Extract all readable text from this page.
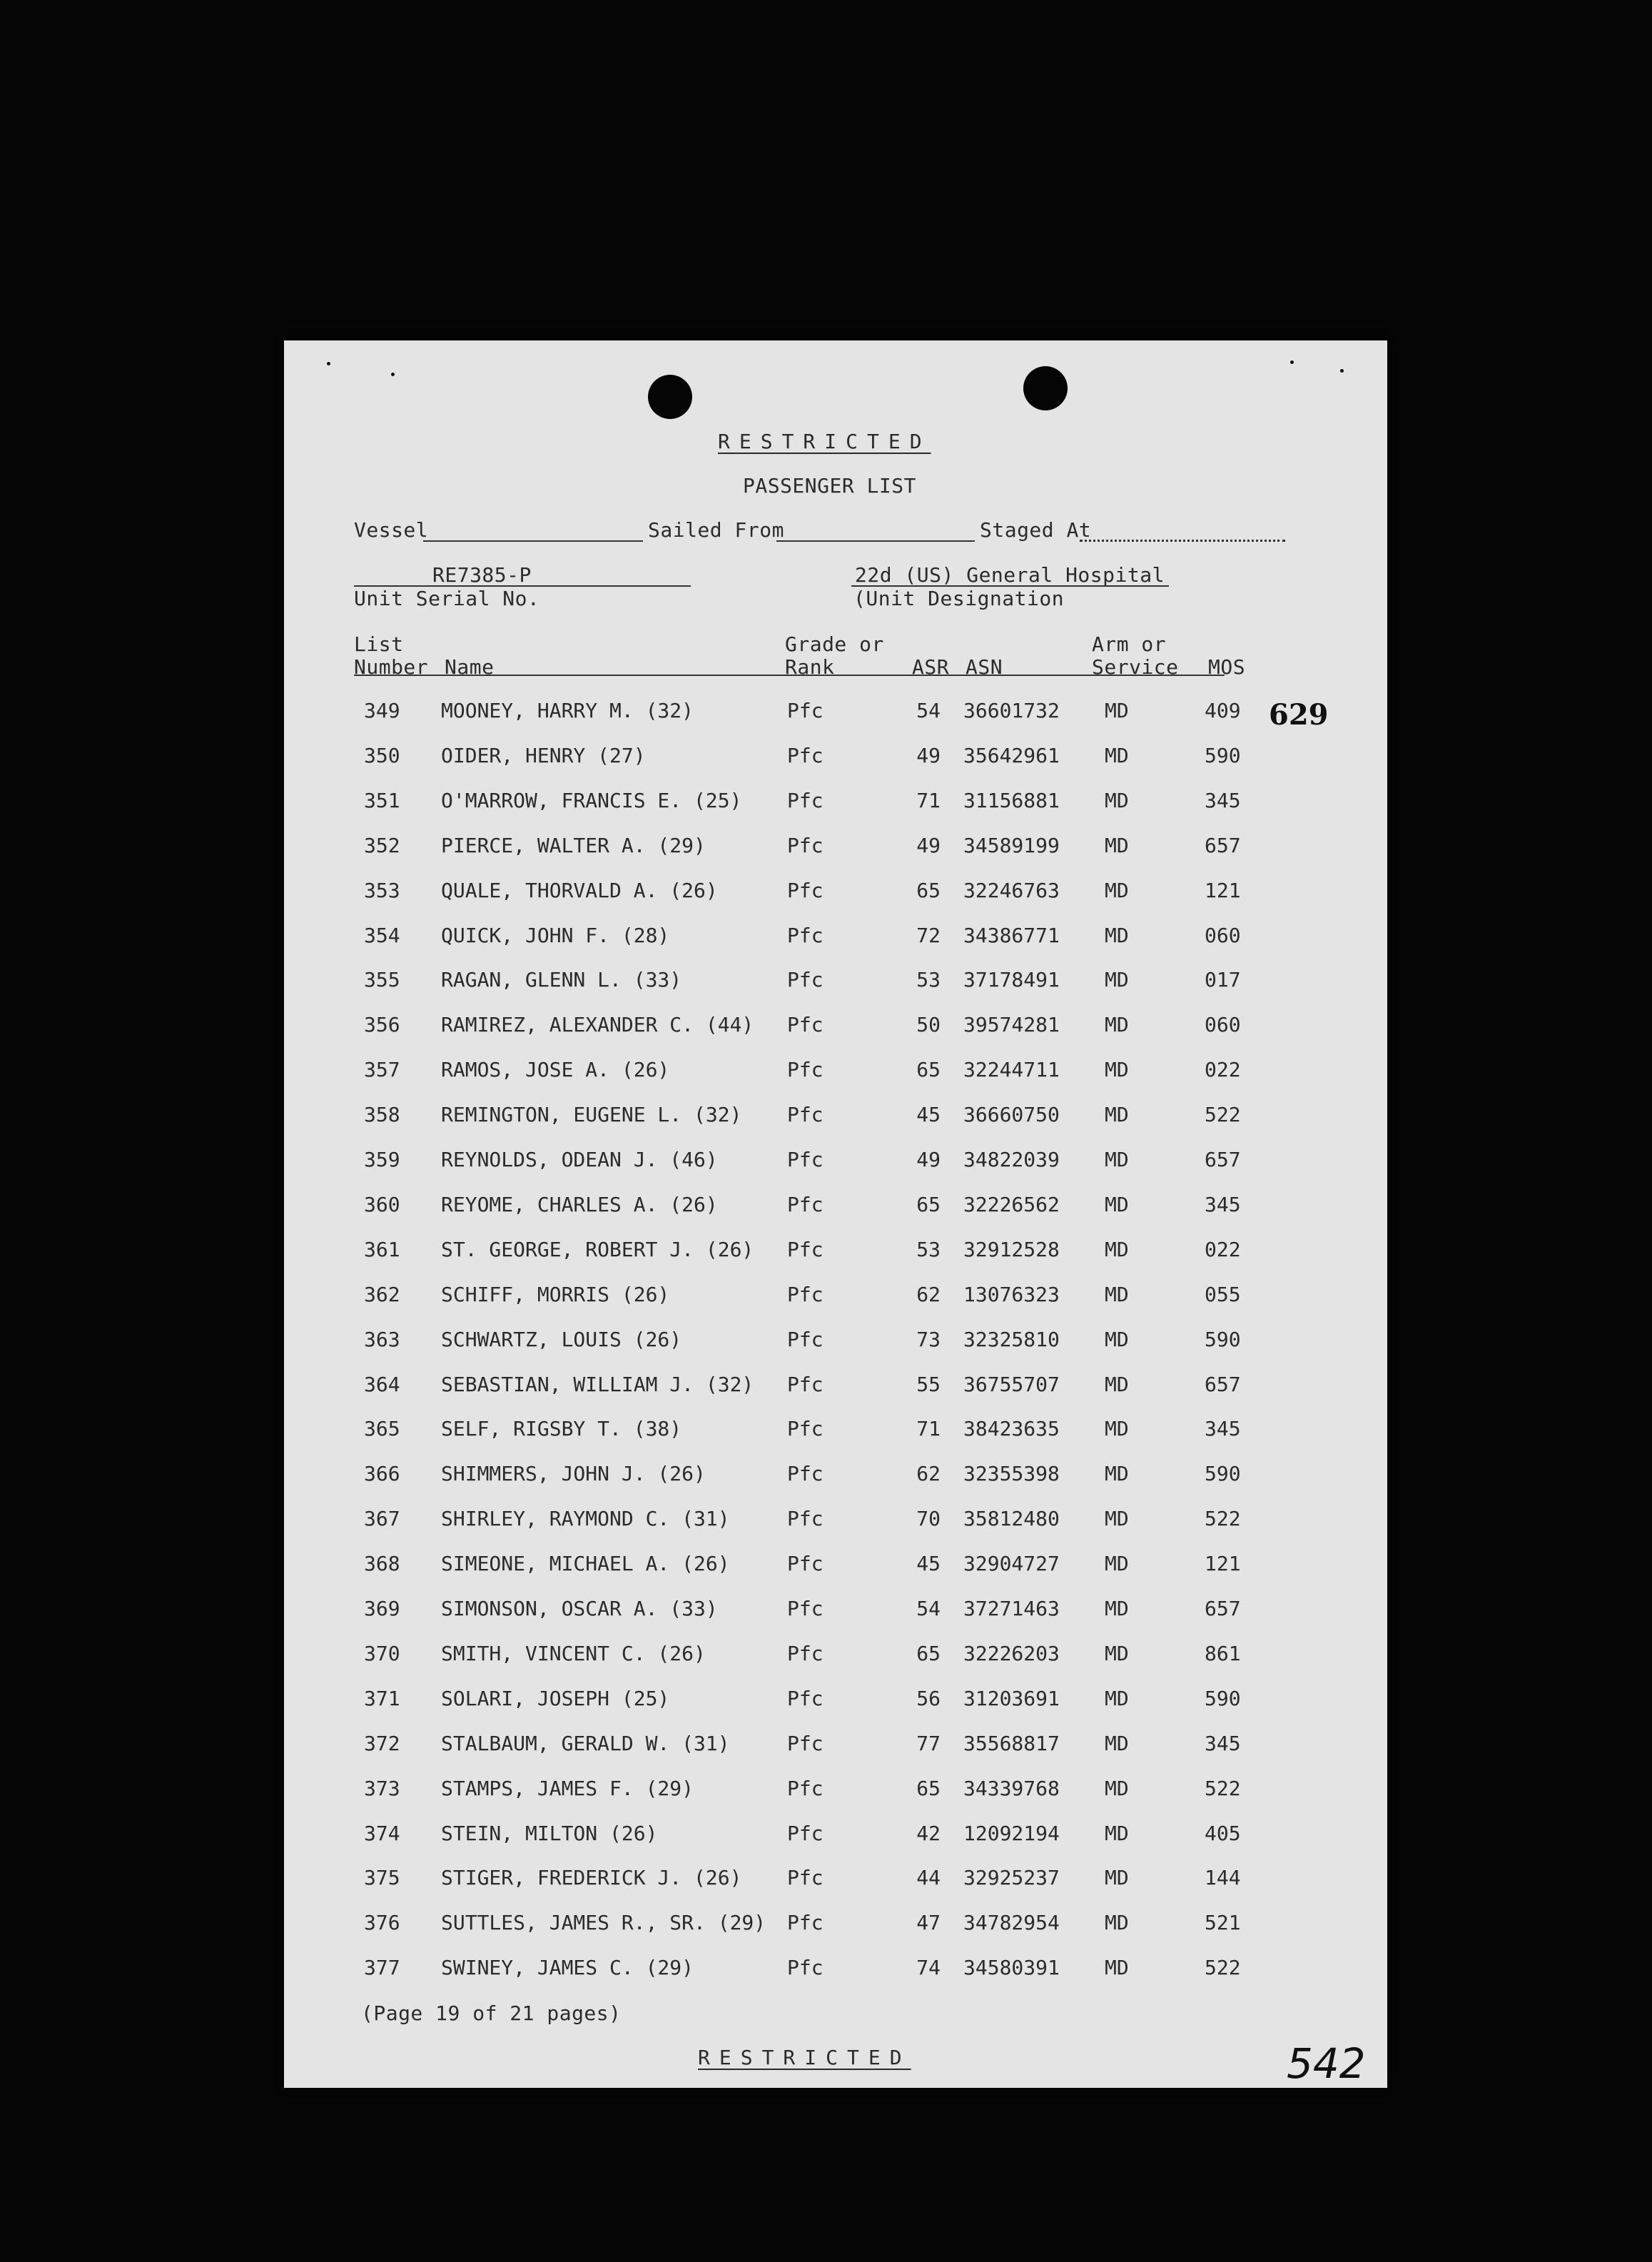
RESTRICTED
PASSENGER LIST
Vessel	Sailed From	Staged At
RE7385-P
Unit Serial No.
22d (US) General Hospital
(Unit Designation
List
Number Name
Grade or
Rank	ASR ASN
Arm or
Service MOS
349 MOONEY, HARRY M. (32)	Pfc	54 36601732 MD	409
350 OIDER, HENRY (27)	Pfc	49 35642961 MD	590
351 O'MARROW, FRANCIS E. (25) Pfc	71 31156881 MD	345
352 PIERCE, WALTER A. (29)	Pfc	49 34589199 MD	657
353 QUALE, THORVALD A. (26)	Pfc	65 32246763 MD	121
354 QUICK, JOHN F. (28)	Pfc	72 34386771 MD	060
355 RAGAN, GLENN L. (33)	Pfc	53 37178491 MD	017
356 RAMIREZ, ALEXANDER C. (44) Pfc	50 39574281 MD	060
357 RAMOS, JOSE A. (26)	Pfc	65 32244711 MD	022
358 REMINGTON, EUGENE L. (32) Pfc	45 36660750 MD	522
359 REYNOLDS, ODEAN J. (46)	Pfc	49 34822039 MD	657
360 REYOME, CHARLES A. (26)	Pfc	65 32226562 MD	345
361 ST. GEORGE, ROBERT J. (26) Pfc	53 32912528 MD	022
362 SCHIFF, MORRIS (26)	Pfc	62 13076323 MD	055
363 SCHWARTZ, LOUIS (26)	Pfc	73 32325810 MD	590
364 SEBASTIAN, WILLIAM J. (32) Pfc	55 36755707 MD	657
365 SELF, RIGSBY T. (38)	Pfc	71 38423635 MD	345
366 SHIMMERS, JOHN J. (26)	Pfc	62 32355398 MD	590
367 SHIRLEY, RAYMOND C. (31)	Pfc	70 35812480 MD	522
368 SIMEONE, MICHAEL A. (26)	Pfc	45 32904727 MD	121
369 SIMONSON, OSCAR A. (33)	Pfc	54 37271463 MD	657
370 SMITH, VINCENT C. (26)	Pfc	65 32226203 MD	861
371 SOLARI, JOSEPH (25)	Pfc	56 31203691 MD	590
372 STALBAUM, GERALD W. (31)	Pfc	77 35568817 MD	345
373 STAMPS, JAMES F. (29)	Pfc	65 34339768 MD	522
374 STEIN, MILTON (26)	Pfc	42 12092194 MD	405
375 STIGER, FREDERICK J. (26) Pfc	44 32925237 MD	144
376 SUTTLES, JAMES R., SR. (29) Pfc	47 34782954 MD	521
377 SWINEY, JAMES C. (29)	Pfc	74 34580391 MD	522
629
(Page 19 of 21 pages)
RESTRICTED	542
